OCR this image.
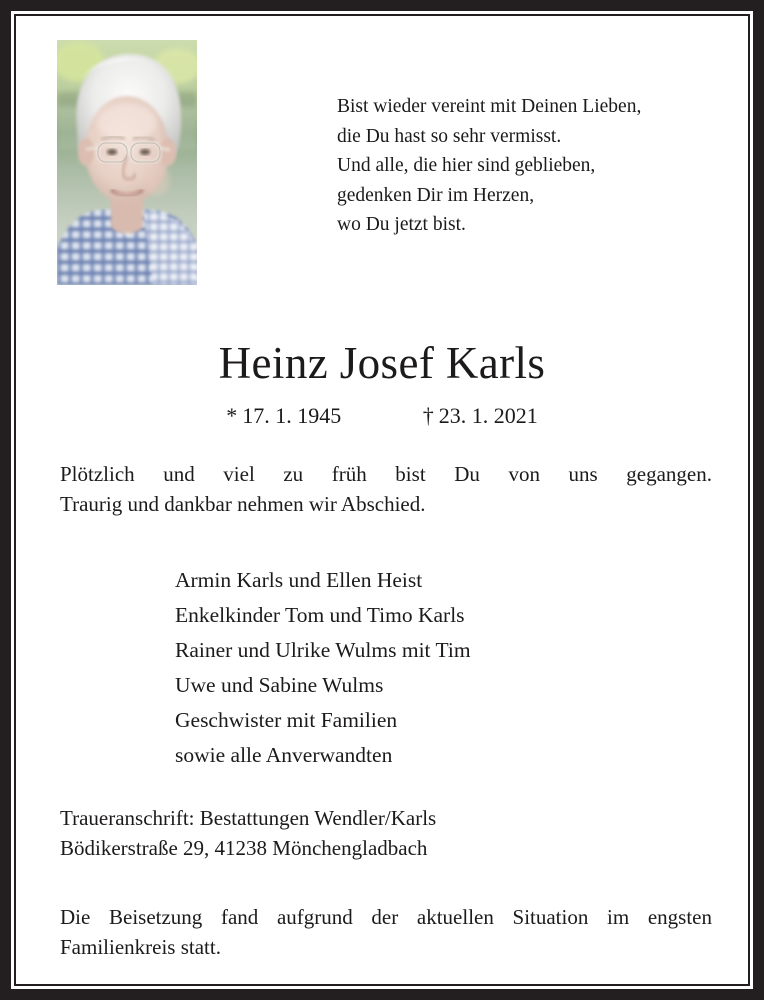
Bist wieder vereint mit Deinen Lieben,
die Du hast so sehr vermisst.
Und alle, die hier sind geblieben,
gedenken Dir im Herzen,
wo Du jetzt bist.
Heinz Josef Karls
* 17. 1. 1945	† 23. 1. 2021
Plötzlich und viel zu früh bist Du von uns gegangen.
Traurig und dankbar nehmen wir Abschied.
Armin Karls und Ellen Heist
Enkelkinder Tom und Timo Karls
Rainer und Ulrike Wulms mit Tim
Uwe und Sabine Wulms
Geschwister mit Familien
sowie alle Anverwandten
Traueranschrift: Bestattungen Wendler/Karls
Bödikerstraße 29, 41238 Mönchengladbach
Die Beisetzung fand aufgrund der aktuellen Situation im engsten
Familienkreis statt.
